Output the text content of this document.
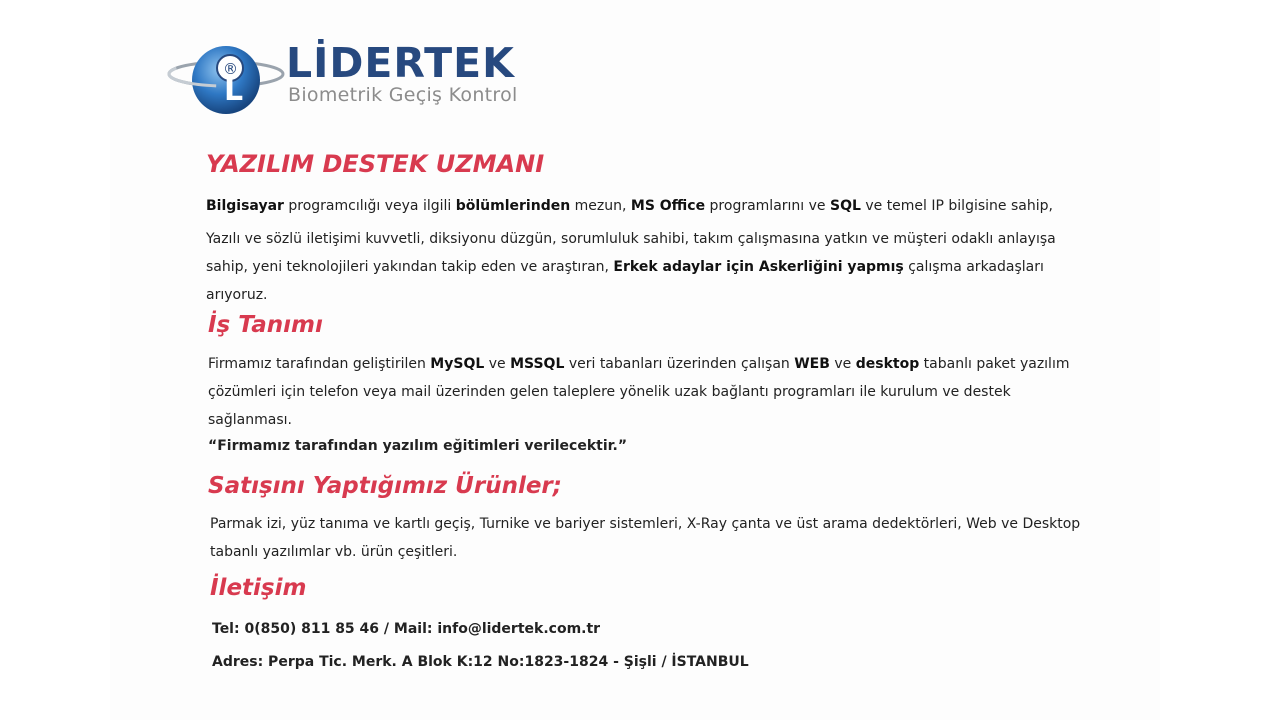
L
® LİDERTEK
Biometrik Geçiş Kontrol
YAZILIM DESTEK UZMANI

Bilgisayar programcılığı veya ilgili bölümlerinden mezun, MS Office programlarını ve SQL ve temel IP bilgisine sahip,

Yazılı ve sözlü iletişimi kuvvetli, diksiyonu düzgün, sorumluluk sahibi, takım çalışmasına yatkın ve müşteri odaklı anlayışa sahip, yeni teknolojileri yakından takip eden ve araştıran, Erkek adaylar için Askerliğini yapmış çalışma arkadaşları arıyoruz.

İş Tanımı

Firmamız tarafından geliştirilen MySQL ve MSSQL veri tabanları üzerinden çalışan WEB ve desktop tabanlı paket yazılım çözümleri için telefon veya mail üzerinden gelen taleplere yönelik uzak bağlantı programları ile kurulum ve destek sağlanması.

“Firmamız tarafından yazılım eğitimleri verilecektir.”

Satışını Yaptığımız Ürünler;

Parmak izi, yüz tanıma ve kartlı geçiş, Turnike ve bariyer sistemleri, X-Ray çanta ve üst arama dedektörleri, Web ve Desktop tabanlı yazılımlar vb. ürün çeşitleri.

İletişim

Tel: 0(850) 811 85 46 / Mail: info@lidertek.com.tr

Adres: Perpa Tic. Merk. A Blok K:12 No:1823-1824 - Şişli / İSTANBUL
